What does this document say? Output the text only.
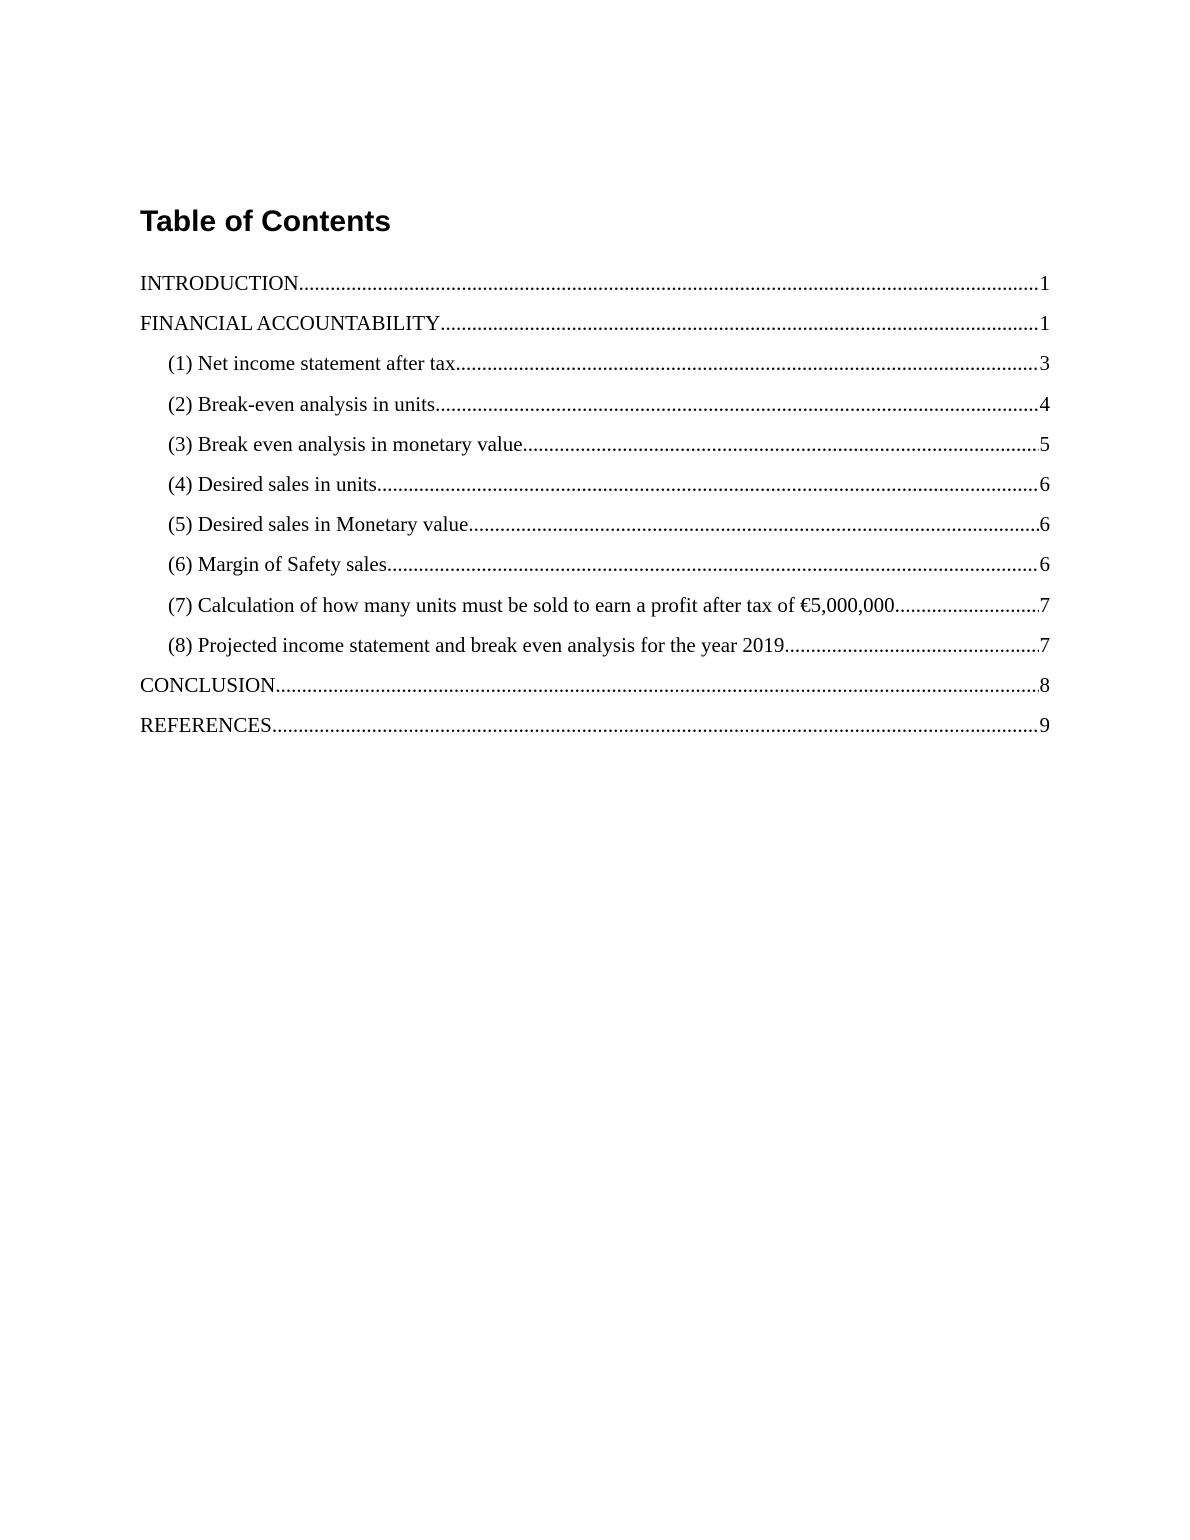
Table of Contents
INTRODUCTION .....	1
FINANCIAL ACCOUNTABILITY .....	1
(1) Net income statement after tax .....	3
(2) Break-even analysis in units .....	4
(3) Break even analysis in monetary value .....	5
(4) Desired sales in units .....	6
(5) Desired sales in Monetary value .....	6
(6) Margin of Safety sales .....	6
(7) Calculation of how many units must be sold to earn a profit after tax of €5,000,000. .....	7
(8) Projected income statement and break even analysis for the year 2019 .....	7
CONCLUSION .....	8
REFERENCES .....	9
